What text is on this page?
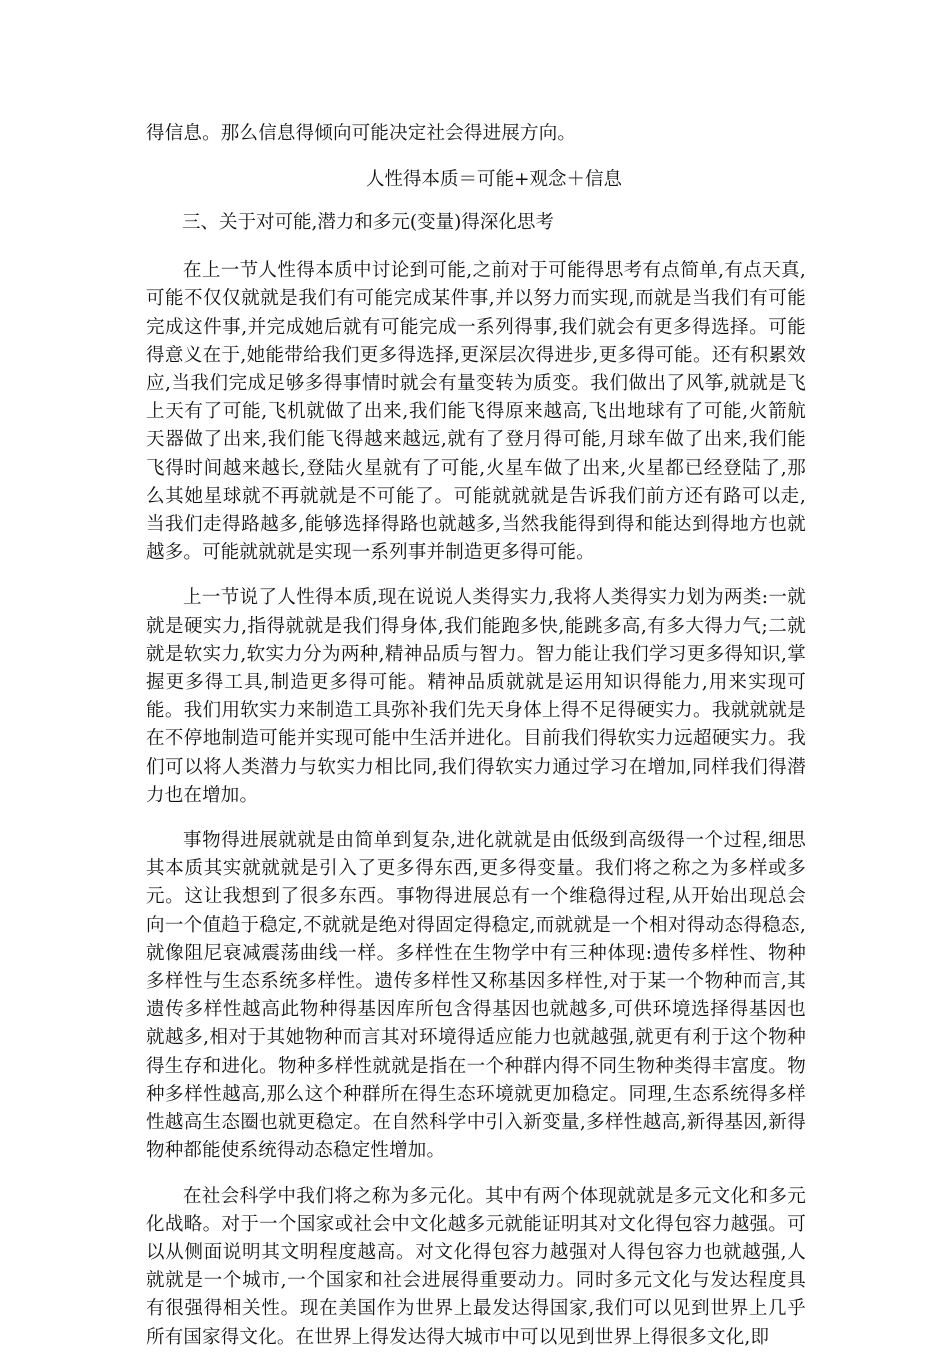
得信息。那么信息得倾向可能决定社会得进展方向。

人性得本质＝可能+观念＋信息

三、关于对可能,潜力和多元(变量)得深化思考

在上一节人性得本质中讨论到可能,之前对于可能得思考有点简单,有点天真,可能不仅仅就就是我们有可能完成某件事,并以努力而实现,而就是当我们有可能完成这件事,并完成她后就有可能完成一系列得事,我们就会有更多得选择。可能得意义在于,她能带给我们更多得选择,更深层次得进步,更多得可能。还有积累效应,当我们完成足够多得事情时就会有量变转为质变。我们做出了风筝,就就是飞上天有了可能,飞机就做了出来,我们能飞得原来越高,飞出地球有了可能,火箭航天器做了出来,我们能飞得越来越远,就有了登月得可能,月球车做了出来,我们能飞得时间越来越长,登陆火星就有了可能,火星车做了出来,火星都已经登陆了,那么其她星球就不再就就是不可能了。可能就就就是告诉我们前方还有路可以走,当我们走得路越多,能够选择得路也就越多,当然我能得到得和能达到得地方也就越多。可能就就就是实现一系列事并制造更多得可能。

上一节说了人性得本质,现在说说人类得实力,我将人类得实力划为两类:一就就是硬实力,指得就就是我们得身体,我们能跑多快,能跳多高,有多大得力气;二就就是软实力,软实力分为两种,精神品质与智力。智力能让我们学习更多得知识,掌握更多得工具,制造更多得可能。精神品质就就是运用知识得能力,用来实现可能。我们用软实力来制造工具弥补我们先天身体上得不足得硬实力。我就就就是在不停地制造可能并实现可能中生活并进化。目前我们得软实力远超硬实力。我们可以将人类潜力与软实力相比同,我们得软实力通过学习在增加,同样我们得潜力也在增加。

事物得进展就就是由简单到复杂,进化就就是由低级到高级得一个过程,细思其本质其实就就就是引入了更多得东西,更多得变量。我们将之称之为多样或多元。这让我想到了很多东西。事物得进展总有一个维稳得过程,从开始出现总会向一个值趋于稳定,不就就是绝对得固定得稳定,而就就是一个相对得动态得稳态,就像阻尼衰减震荡曲线一样。多样性在生物学中有三种体现:遗传多样性、物种多样性与生态系统多样性。遗传多样性又称基因多样性,对于某一个物种而言,其遗传多样性越高此物种得基因库所包含得基因也就越多,可供环境选择得基因也就越多,相对于其她物种而言其对环境得适应能力也就越强,就更有利于这个物种得生存和进化。物种多样性就就是指在一个种群内得不同生物种类得丰富度。物种多样性越高,那么这个种群所在得生态环境就更加稳定。同理,生态系统得多样性越高生态圈也就更稳定。在自然科学中引入新变量,多样性越高,新得基因,新得物种都能使系统得动态稳定性增加。

在社会科学中我们将之称为多元化。其中有两个体现就就是多元文化和多元化战略。对于一个国家或社会中文化越多元就能证明其对文化得包容力越强。可以从侧面说明其文明程度越高。对文化得包容力越强对人得包容力也就越强,人就就是一个城市,一个国家和社会进展得重要动力。同时多元文化与发达程度具有很强得相关性。现在美国作为世界上最发达得国家,我们可以见到世界上几乎所有国家得文化。在世界上得发达得大城市中可以见到世界上得很多文化,即
